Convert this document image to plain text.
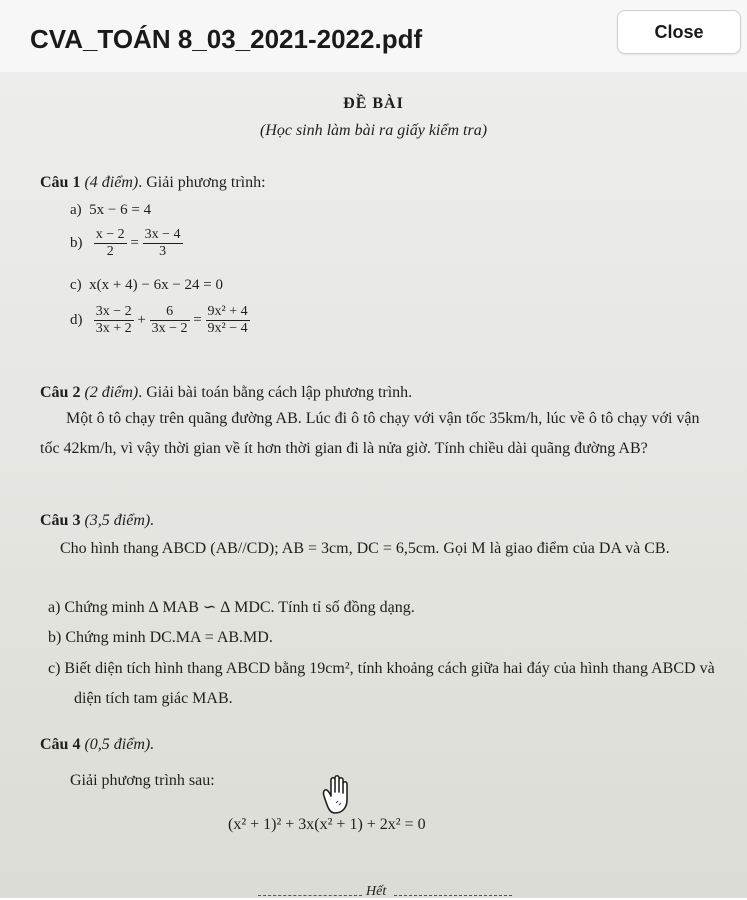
CVA_TOÁN 8_03_2021-2022.pdf	Close
ĐỀ BÀI
(Học sinh làm bài ra giấy kiểm tra)
Câu 1 (4 điểm). Giải phương trình:
a) 5x − 6 = 4
$b) \frac{x - 2}{2} = \frac{3x - 4}{3}$
c) x(x + 4) − 6x − 24 = 0
$d) \frac{3x - 2}{3x + 2} + \frac{6}{3x - 2} = \frac{\text{9x² + 4}}{\text{9x² − 4}}$
Câu 2 (2 điểm). Giải bài toán bằng cách lập phương trình.
Một ô tô chạy trên quãng đường AB. Lúc đi ô tô chạy với vận tốc 35km/h, lúc về ô tô chạy với vận tốc 42km/h, vì vậy thời gian về ít hơn thời gian đi là nửa giờ. Tính chiều dài quãng đường AB?
Câu 3 (3,5 điểm).
Cho hình thang ABCD (AB//CD); AB = 3cm, DC = 6,5cm. Gọi M là giao điểm của DA và CB.
a) Chứng minh ∆ MAB ∽ ∆ MDC. Tính tỉ số đồng dạng.
b) Chứng minh DC.MA = AB.MD.
c) Biết diện tích hình thang ABCD bằng 19cm², tính khoảng cách giữa hai đáy của hình thang ABCD và diện tích tam giác MAB.
Câu 4 (0,5 điểm).
Giải phương trình sau:
(x² + 1)² + 3x(x² + 1) + 2x² = 0
Hết
